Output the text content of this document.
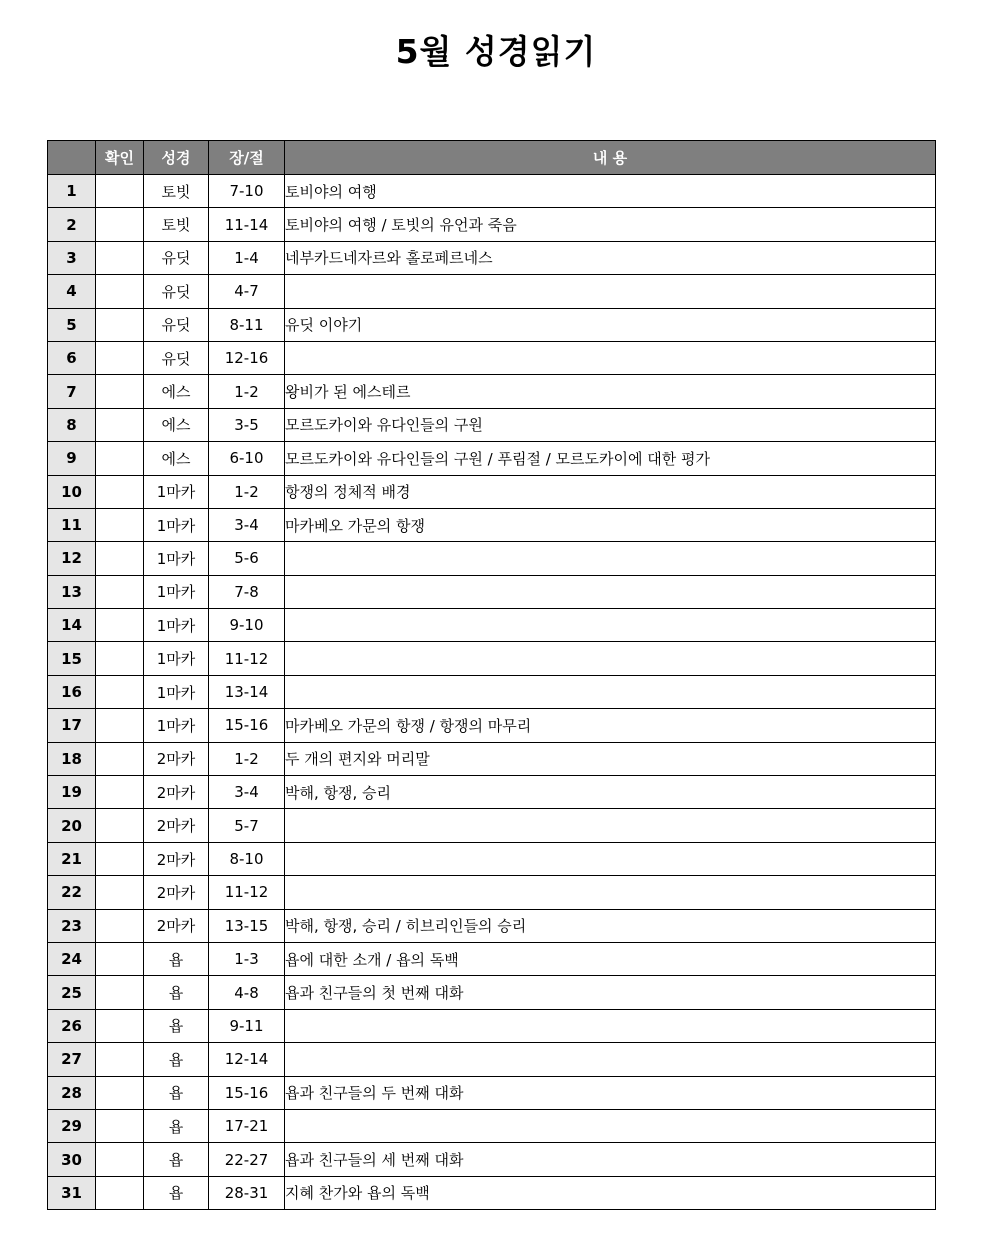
5월 성경읽기
	확인	성경	장/절	내 용
1		토빗	7-10	토비야의 여행
2		토빗	11-14	토비야의 여행 / 토빗의 유언과 죽음
3		유딧	1-4	네부카드네자르와 홀로페르네스
4		유딧	4-7	
5		유딧	8-11	유딧 이야기
6		유딧	12-16	
7		에스	1-2	왕비가 된 에스테르
8		에스	3-5	모르도카이와 유다인들의 구원
9		에스	6-10	모르도카이와 유다인들의 구원 / 푸림절 / 모르도카이에 대한 평가
10		1마카	1-2	항쟁의 정체적 배경
11		1마카	3-4	마카베오 가문의 항쟁
12		1마카	5-6	
13		1마카	7-8	
14		1마카	9-10	
15		1마카	11-12	
16		1마카	13-14	
17		1마카	15-16	마카베오 가문의 항쟁 / 항쟁의 마무리
18		2마카	1-2	두 개의 편지와 머리말
19		2마카	3-4	박해, 항쟁, 승리
20		2마카	5-7	
21		2마카	8-10	
22		2마카	11-12	
23		2마카	13-15	박해, 항쟁, 승리 / 히브리인들의 승리
24		욥	1-3	욥에 대한 소개 / 욥의 독백
25		욥	4-8	욥과 친구들의 첫 번째 대화
26		욥	9-11	
27		욥	12-14	
28		욥	15-16	욥과 친구들의 두 번째 대화
29		욥	17-21	
30		욥	22-27	욥과 친구들의 세 번째 대화
31		욥	28-31	지혜 찬가와 욥의 독백
